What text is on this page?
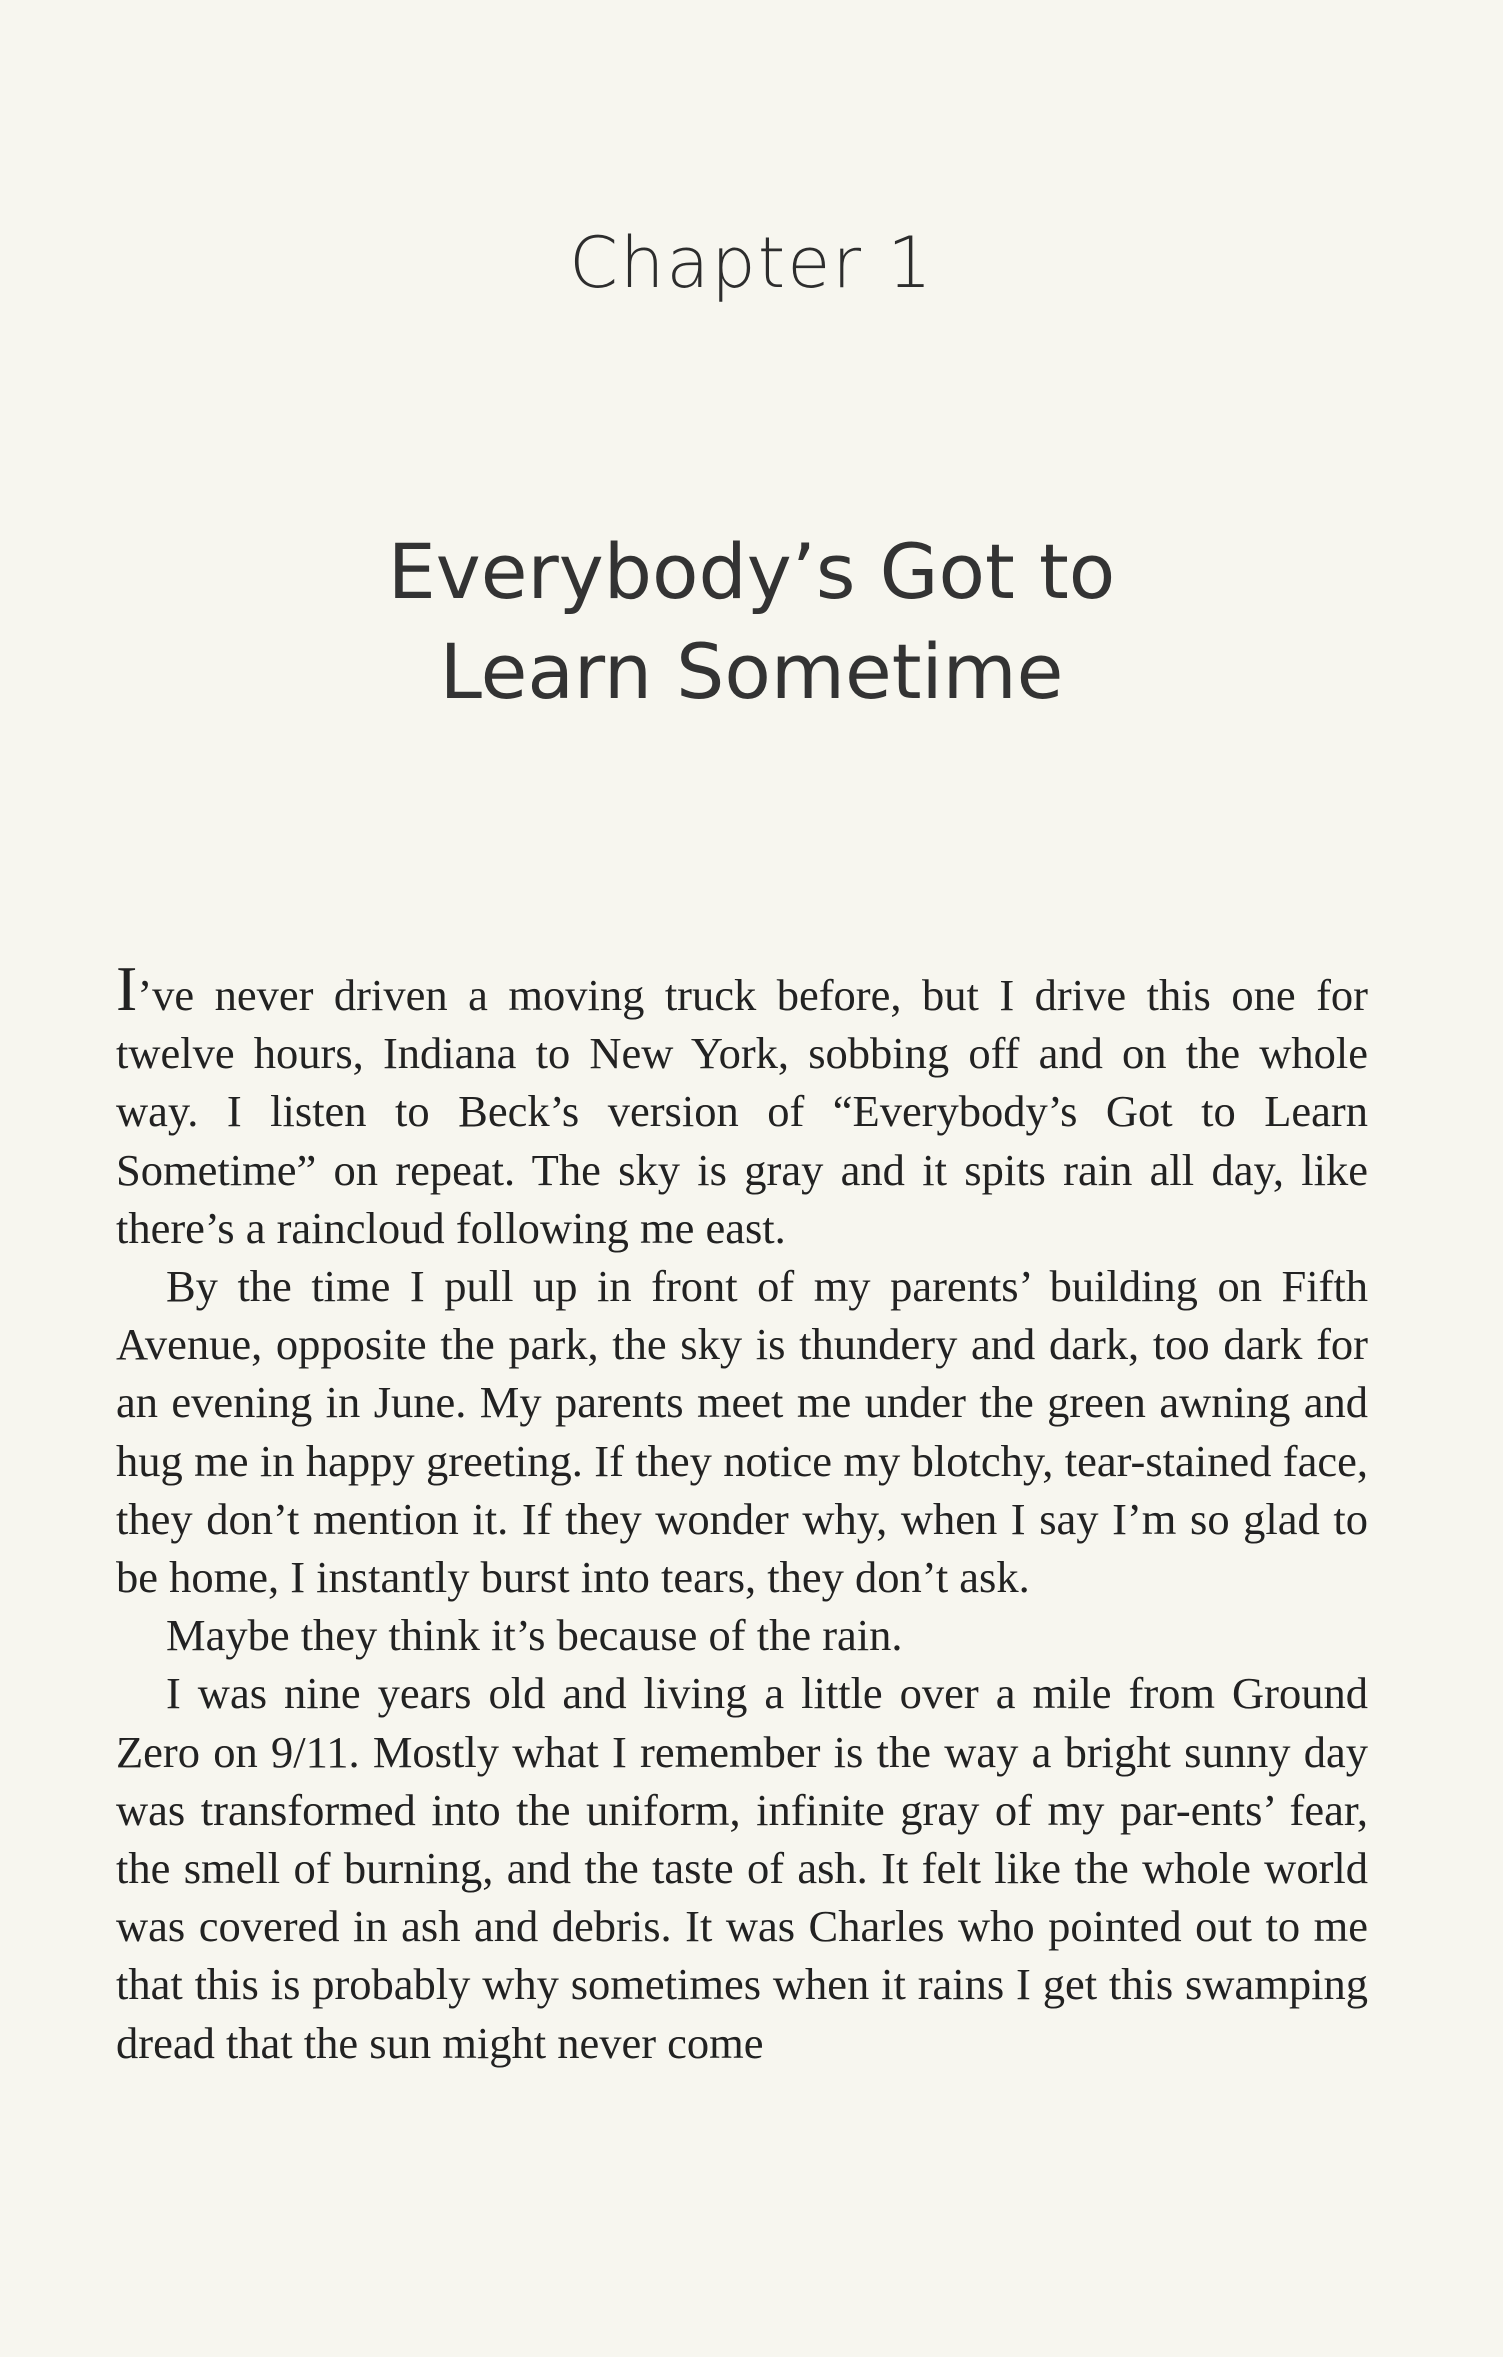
Chapter 1
Everybody’s Got to
Learn Sometime

I’ve never driven a moving truck before, but I drive this one for twelve hours, Indiana to New York, sobbing off and on the whole way. I listen to Beck’s version of “Everybody’s Got to Learn Sometime” on repeat. The sky is gray and it spits rain all day, like there’s a raincloud following me east.

By the time I pull up in front of my parents’ building on Fifth Avenue, opposite the park, the sky is thundery and dark, too dark for an evening in June. My parents meet me under the green awning and hug me in happy greeting. If they notice my blotchy, tear-stained face, they don’t mention it. If they wonder why, when I say I’m so glad to be home, I instantly burst into tears, they don’t ask.

Maybe they think it’s because of the rain.

I was nine years old and living a little over a mile from Ground Zero on 9/11. Mostly what I remember is the way a bright sunny day was transformed into the uniform, infinite gray of my par-ents’ fear, the smell of burning, and the taste of ash. It felt like the whole world was covered in ash and debris. It was Charles who pointed out to me that this is probably why sometimes when it rains I get this swamping dread that the sun might never come
